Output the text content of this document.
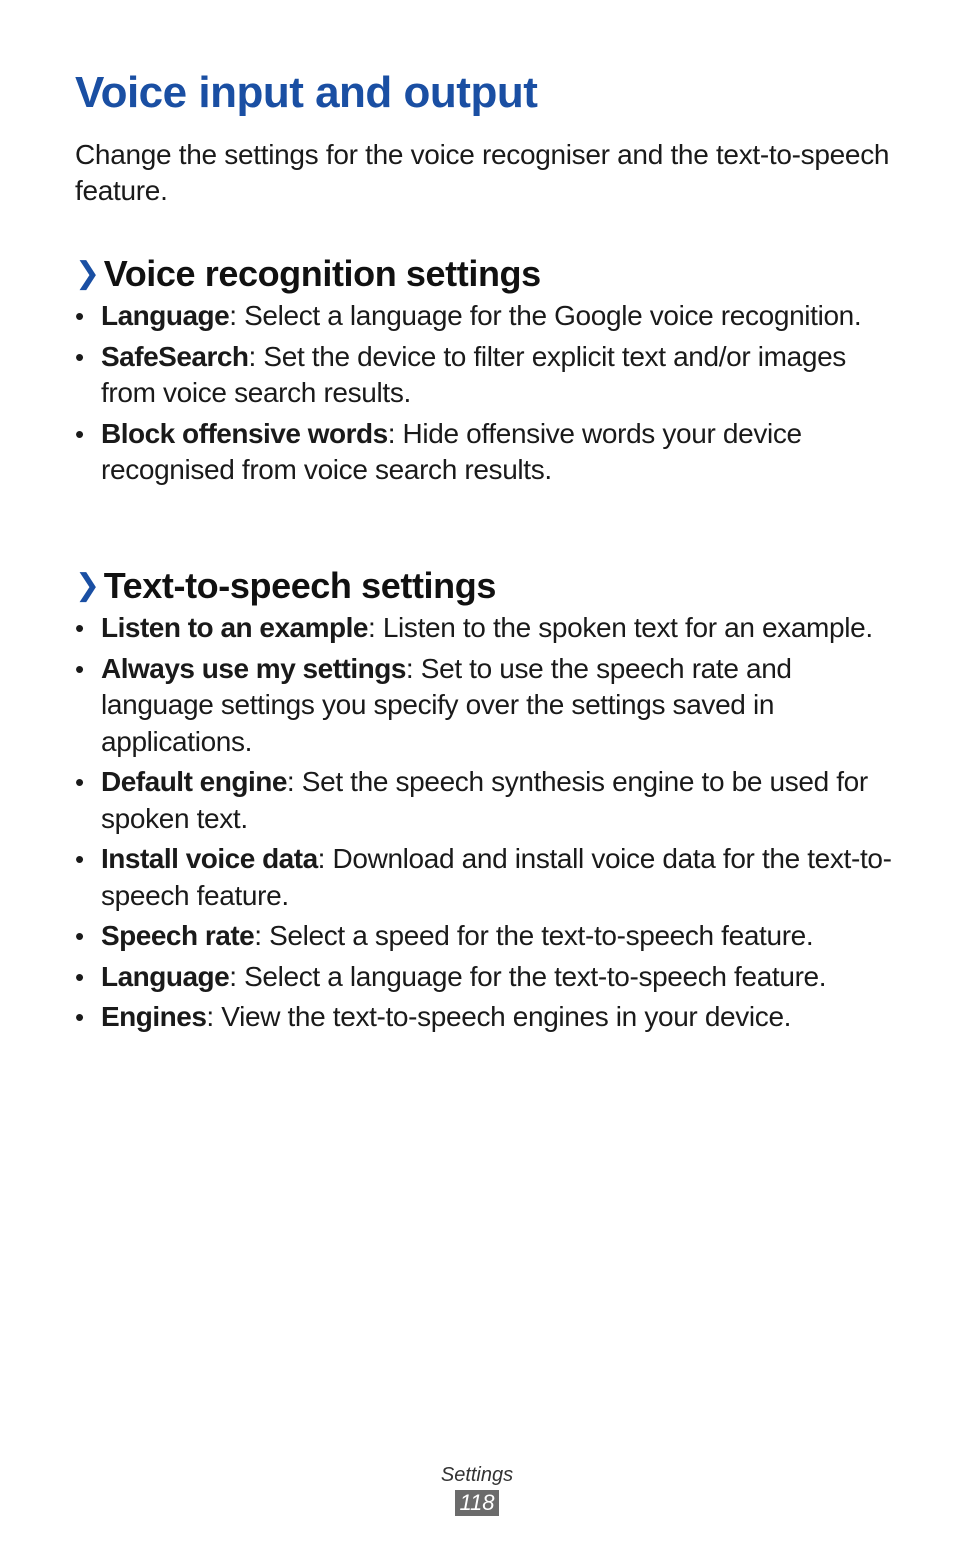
Voice input and output

Change the settings for the voice recogniser and the text-to-speech feature.

❯ Voice recognition settings
• Language: Select a language for the Google voice recognition.
• SafeSearch: Set the device to filter explicit text and/or images from voice search results.
• Block offensive words: Hide offensive words your device recognised from voice search results.
❯ Text-to-speech settings
• Listen to an example: Listen to the spoken text for an example.
• Always use my settings: Set to use the speech rate and language settings you specify over the settings saved in applications.
• Default engine: Set the speech synthesis engine to be used for spoken text.
• Install voice data: Download and install voice data for the text-to-speech feature.
• Speech rate: Select a speed for the text-to-speech feature.
• Language: Select a language for the text-to-speech feature.
• Engines: View the text-to-speech engines in your device.
Settings
118
